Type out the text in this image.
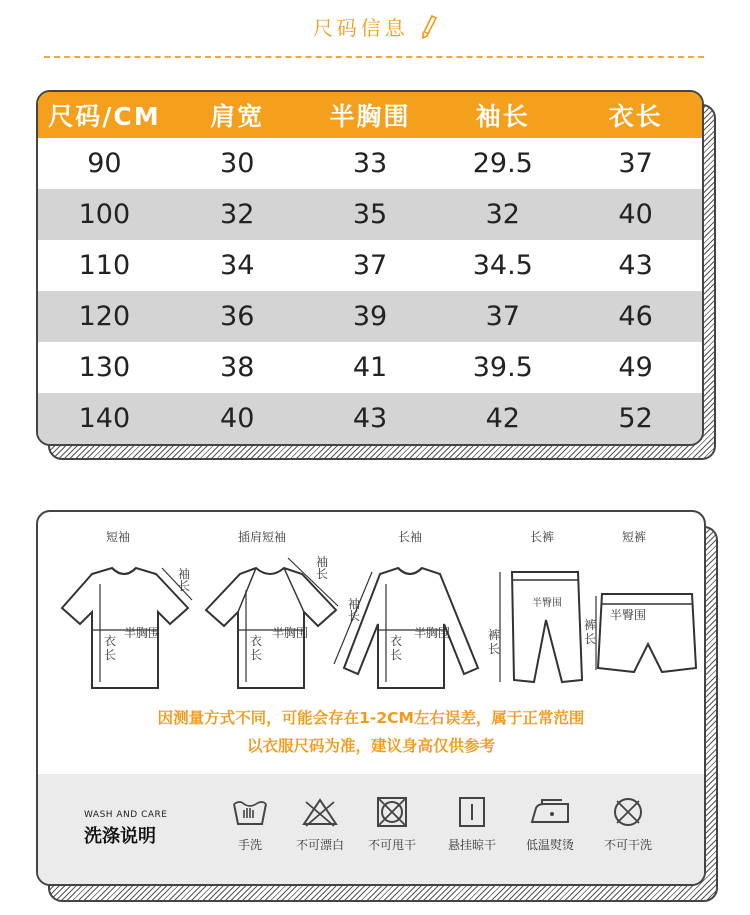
尺码信息
尺码/CM	肩宽	半胸围	袖长	衣长
90	30	33	29.5	37
100	32	35	32	40
110	34	37	34.5	43
120	36	39	37	46
130	38	41	39.5	49
140	40	43	42	52
短袖
半胸围
衣长
袖长
插肩短袖
半胸围
衣长
袖长
长袖
半胸围
衣长
袖长
长裤
半臀围
裤长
短裤
半臀围
裤长
因测量方式不同，可能会存在1-2CM左右误差，属于正常范围
以衣服尺码为准，建议身高仅供参考
WASH AND CARE
洗涤说明	手洗	不可漂白	不可甩干	悬挂晾干	低温熨烫	不可干洗
